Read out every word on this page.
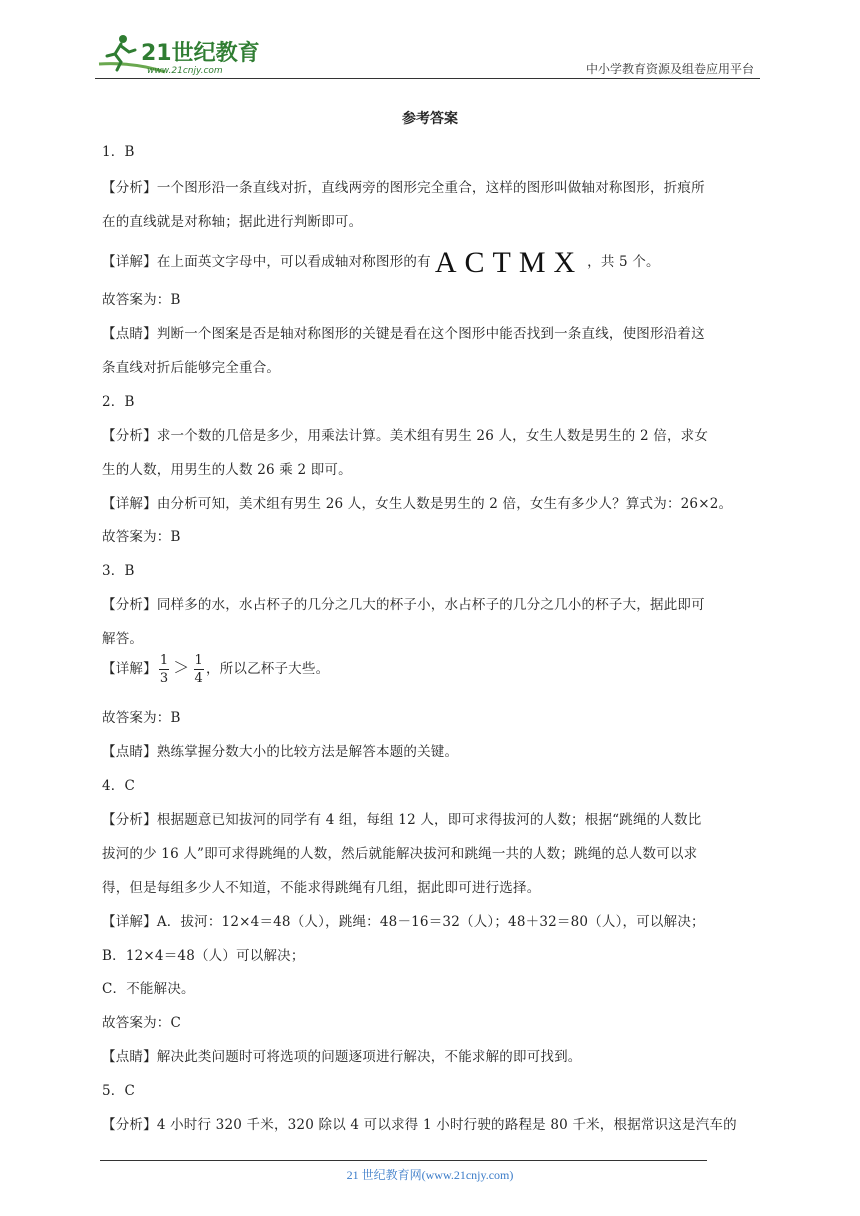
21世纪教育
www.21cnjy.com	中小学教育资源及组卷应用平台
参考答案
1．B
【分析】一个图形沿一条直线对折，直线两旁的图形完全重合，这样的图形叫做轴对称图形，折痕所
在的直线就是对称轴；据此进行判断即可。
【详解】在上面英文字母中，可以看成轴对称图形的有 ACTMX ，共 5 个。
故答案为：B
【点睛】判断一个图案是否是轴对称图形的关键是看在这个图形中能否找到一条直线，使图形沿着这
条直线对折后能够完全重合。
2．B
【分析】求一个数的几倍是多少，用乘法计算。美术组有男生 26 人，女生人数是男生的 2 倍，求女
生的人数，用男生的人数 26 乘 2 即可。
【详解】由分析可知，美术组有男生 26 人，女生人数是男生的 2 倍，女生有多少人？算式为：26×2。
故答案为：B
3．B
【分析】同样多的水，水占杯子的几分之几大的杯子小，水占杯子的几分之几小的杯子大，据此即可
解答。
【详解】 $\frac{1}{3} > \frac{1}{4}$ ，所以乙杯子大些。
故答案为：B
【点睛】熟练掌握分数大小的比较方法是解答本题的关键。
4．C
【分析】根据题意已知拔河的同学有 4 组，每组 12 人，即可求得拔河的人数；根据“跳绳的人数比
拔河的少 16 人”即可求得跳绳的人数，然后就能解决拔河和跳绳一共的人数；跳绳的总人数可以求
得，但是每组多少人不知道，不能求得跳绳有几组，据此即可进行选择。
【详解】A．拔河：12×4＝48（人），跳绳：48－16＝32（人）；48＋32＝80（人），可以解决；
B．12×4＝48（人）可以解决；
C．不能解决。
故答案为：C
【点睛】解决此类问题时可将选项的问题逐项进行解决，不能求解的即可找到。
5．C
【分析】4 小时行 320 千米，320 除以 4 可以求得 1 小时行驶的路程是 80 千米，根据常识这是汽车的
21 世纪教育网(www.21cnjy.com)
